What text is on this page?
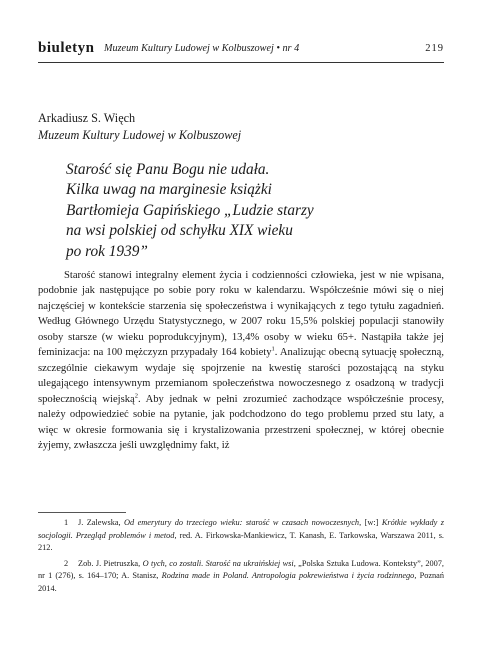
biuletyn Muzeum Kultury Ludowej w Kolbuszowej • nr 4	219
Arkadiusz S. Więch
Muzeum Kultury Ludowej w Kolbuszowej
Starość się Panu Bogu nie udała.
Kilka uwag na marginesie książki
Bartłomieja Gapińskiego „Ludzie starzy
na wsi polskiej od schyłku XIX wieku
po rok 1939”

Starość stanowi integralny element życia i codzienności człowieka, jest w nie wpisana, podobnie jak następujące po sobie pory roku w kalendarzu. Współcześnie mówi się o niej najczęściej w kontekście starzenia się społeczeństwa i wynikających z tego tytułu zagadnień. Według Głównego Urzędu Statystycznego, w 2007 roku 15,5% polskiej populacji stanowiły osoby starsze (w wieku poprodukcyjnym), 13,4% osoby w wieku 65+. Nastąpiła także jej feminizacja: na 100 mężczyzn przypadały 164 kobiety$^1$. Analizując obecną sytuację społeczną, szczególnie ciekawym wydaje się spojrzenie na kwestię starości pozostającą na styku ulegającego intensywnym przemianom społeczeństwa nowoczesnego z osadzoną w tradycji społecznością wiejską$^2$. Aby jednak w pełni zrozumieć zachodzące współcześnie procesy, należy odpowiedzieć sobie na pytanie, jak podchodzono do tego problemu przed stu laty, a więc w okresie formowania się i krystalizowania przestrzeni społecznej, w której obecnie żyjemy, zwłaszcza jeśli uwzględnimy fakt, iż

1 J. Zalewska, Od emerytury do trzeciego wieku: starość w czasach nowoczesnych, [w:] Krótkie wykłady z socjologii. Przegląd problemów i metod, red. A. Firkowska-Mankiewicz, T. Kanash, E. Tarkowska, Warszawa 2011, s. 212.

2 Zob. J. Pietruszka, O tych, co zostali. Starość na ukraińskiej wsi, „Polska Sztuka Ludowa. Konteksty”, 2007, nr 1 (276), s. 164–170; A. Stanisz, Rodzina made in Poland. Antropologia pokrewieństwa i życia rodzinnego, Poznań 2014.
